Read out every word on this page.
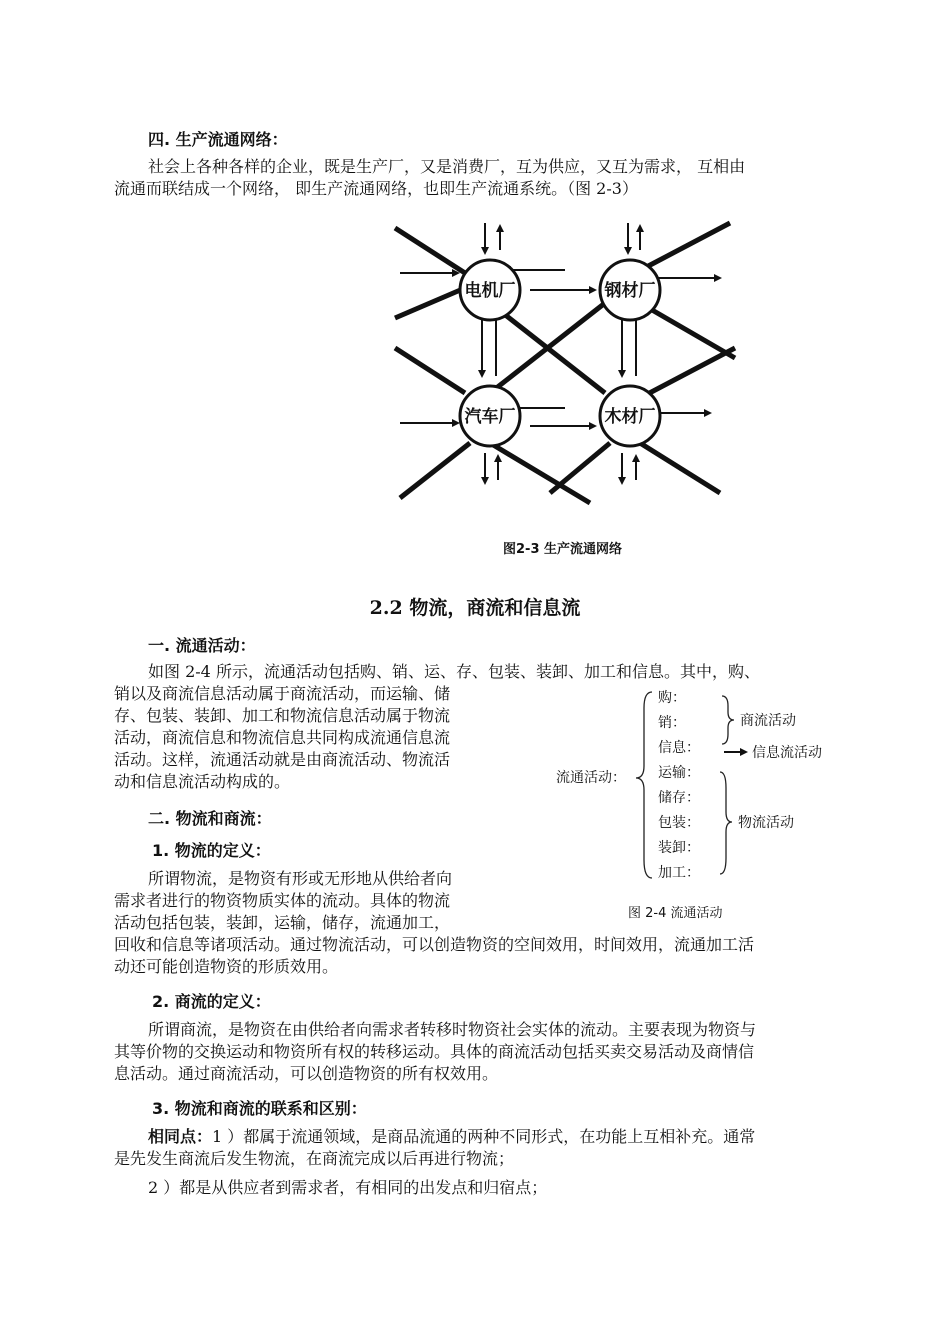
四. 生产流通网络：
社会上各种各样的企业，既是生产厂，又是消费厂，互为供应，又互为需求， 互相由
流通而联结成一个网络， 即生产流通网络，也即生产流通系统。（图 2-3）
电机厂	钢材厂
汽车厂	木材厂
图2-3 生产流通网络
2.2 物流，商流和信息流
一. 流通活动：
如图 2-4 所示，流通活动包括购、销、运、存、包装、装卸、加工和信息。其中，购、
销以及商流信息活动属于商流活动，而运输、储
存、包装、装卸、加工和物流信息活动属于物流
活动，商流信息和物流信息共同构成流通信息流
活动。这样，流通活动就是由商流活动、物流活
动和信息流活动构成的。	流通活动：
购：
销：
信息：
运输：
储存：
包装：
装卸：
加工：
商流活动
信息流活动
物流活动
图 2-4 流通活动
二. 物流和商流：
1. 物流的定义：
所谓物流，是物资有形或无形地从供给者向
需求者进行的物资物质实体的流动。具体的物流
活动包括包装，装卸，运输，储存，流通加工，
回收和信息等诸项活动。通过物流活动，可以创造物资的空间效用，时间效用，流通加工活
动还可能创造物资的形质效用。
2. 商流的定义：
所谓商流，是物资在由供给者向需求者转移时物资社会实体的流动。主要表现为物资与
其等价物的交换运动和物资所有权的转移运动。具体的商流活动包括买卖交易活动及商情信
息活动。通过商流活动，可以创造物资的所有权效用。
3. 物流和商流的联系和区别：
相同点：1 ）都属于流通领域，是商品流通的两种不同形式，在功能上互相补充。通常
是先发生商流后发生物流，在商流完成以后再进行物流；
2 ）都是从供应者到需求者，有相同的出发点和归宿点；
